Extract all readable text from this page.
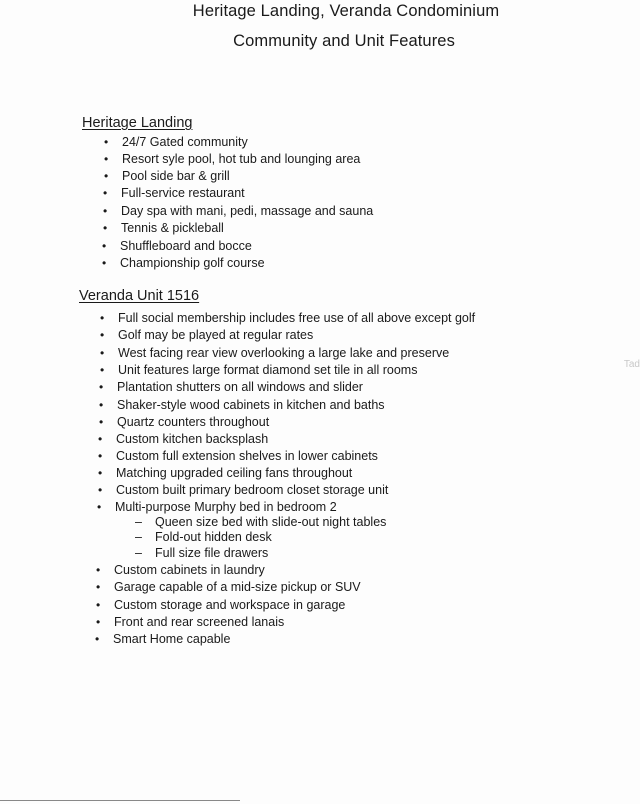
Heritage Landing, Veranda Condominium
Community and Unit Features
Heritage Landing
• 24/7 Gated community
• Resort syle pool, hot tub and lounging area
• Pool side bar & grill
• Full-service restaurant
• Day spa with mani, pedi, massage and sauna
• Tennis & pickleball
• Shuffleboard and bocce
• Championship golf course
Veranda Unit 1516
• Full social membership includes free use of all above except golf
• Golf may be played at regular rates
• West facing rear view overlooking a large lake and preserve
• Unit features large format diamond set tile in all rooms
• Plantation shutters on all windows and slider
• Shaker-style wood cabinets in kitchen and baths
• Quartz counters throughout
• Custom kitchen backsplash
• Custom full extension shelves in lower cabinets
• Matching upgraded ceiling fans throughout
• Custom built primary bedroom closet storage unit
• Multi-purpose Murphy bed in bedroom 2
– Queen size bed with slide-out night tables
– Fold-out hidden desk
– Full size file drawers
• Custom cabinets in laundry
• Garage capable of a mid-size pickup or SUV
• Custom storage and workspace in garage
• Front and rear screened lanais
• Smart Home capable
Tad
